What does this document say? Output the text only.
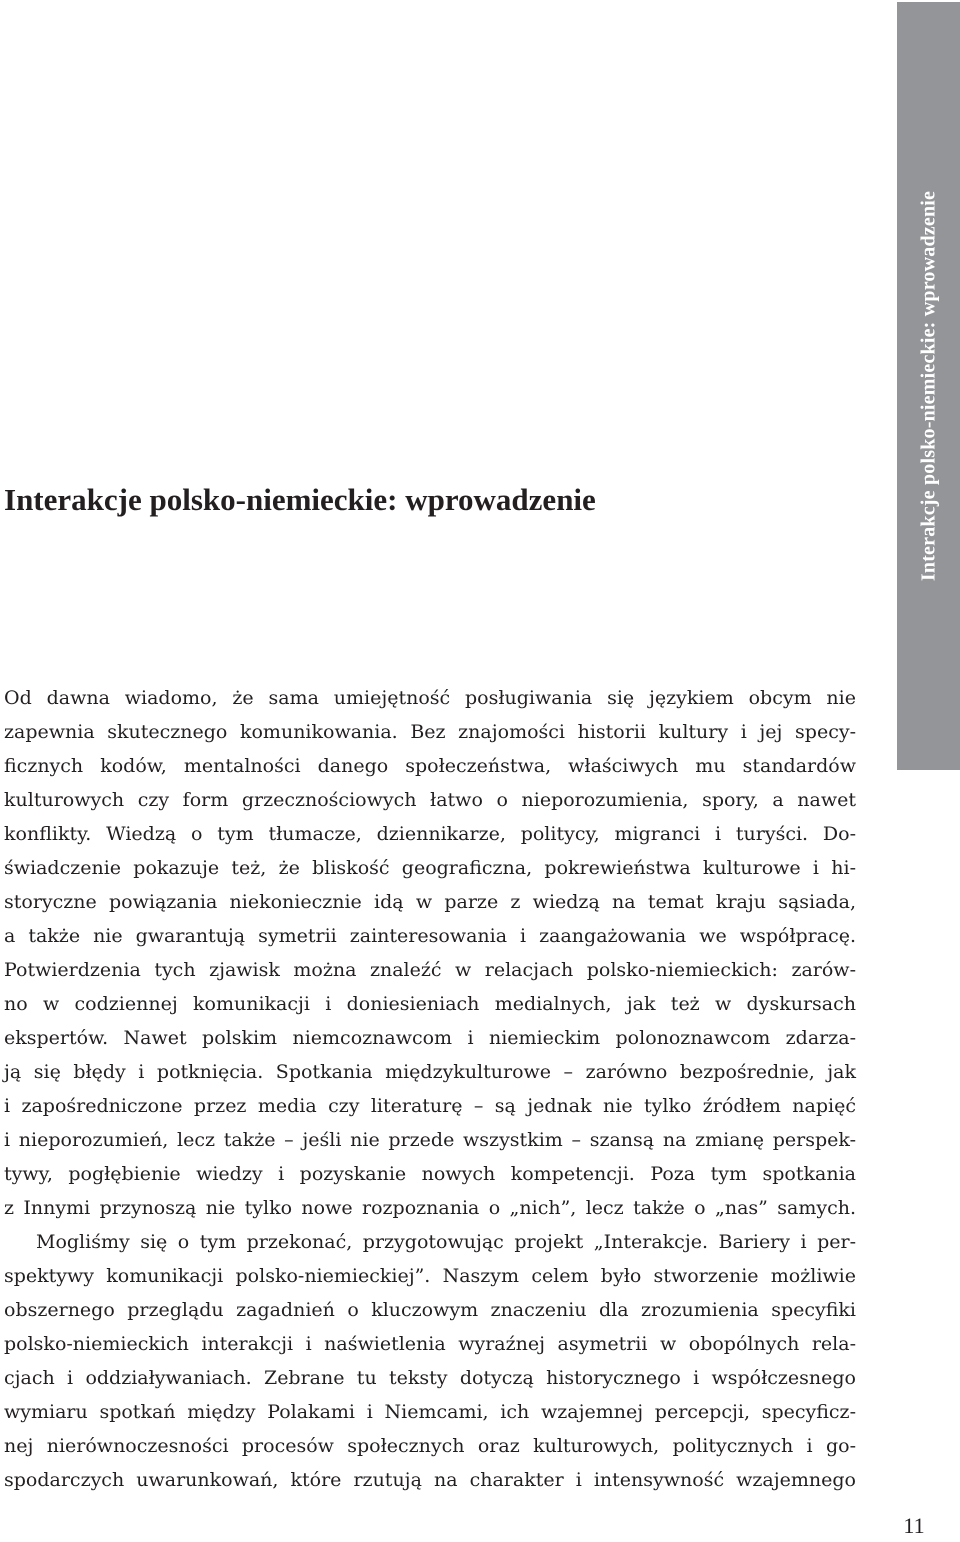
Interakcje polsko-niemieckie: wprowadzenie
Interakcje polsko-niemieckie: wprowadzenie
Od dawna wiadomo, że sama umiejętność posługiwania się językiem obcym nie
zapewnia skutecznego komunikowania. Bez znajomości historii kultury i jej specy-
ficznych kodów, mentalności danego społeczeństwa, właściwych mu standardów
kulturowych czy form grzecznościowych łatwo o nieporozumienia, spory, a nawet
konflikty. Wiedzą o tym tłumacze, dziennikarze, politycy, migranci i turyści. Do-
świadczenie pokazuje też, że bliskość geograficzna, pokrewieństwa kulturowe i hi-
storyczne powiązania niekoniecznie idą w parze z wiedzą na temat kraju sąsiada,
a także nie gwarantują symetrii zainteresowania i zaangażowania we współpracę.
Potwierdzenia tych zjawisk można znaleźć w relacjach polsko-niemieckich: zarów-
no w codziennej komunikacji i doniesieniach medialnych, jak też w dyskursach
ekspertów. Nawet polskim niemcoznawcom i niemieckim polonoznawcom zdarza-
ją się błędy i potknięcia. Spotkania międzykulturowe – zarówno bezpośrednie, jak
i zapośredniczone przez media czy literaturę – są jednak nie tylko źródłem napięć
i nieporozumień, lecz także – jeśli nie przede wszystkim – szansą na zmianę perspek-
tywy, pogłębienie wiedzy i pozyskanie nowych kompetencji. Poza tym spotkania
z Innymi przynoszą nie tylko nowe rozpoznania o „nich”, lecz także o „nas” samych.
Mogliśmy się o tym przekonać, przygotowując projekt „Interakcje. Bariery i per-
spektywy komunikacji polsko-niemieckiej”. Naszym celem było stworzenie możliwie
obszernego przeglądu zagadnień o kluczowym znaczeniu dla zrozumienia specyfiki
polsko-niemieckich interakcji i naświetlenia wyraźnej asymetrii w obopólnych rela-
cjach i oddziaływaniach. Zebrane tu teksty dotyczą historycznego i współczesnego
wymiaru spotkań między Polakami i Niemcami, ich wzajemnej percepcji, specyficz-
nej nierównoczesności procesów społecznych oraz kulturowych, politycznych i go-
spodarczych uwarunkowań, które rzutują na charakter i intensywność wzajemnego
11
